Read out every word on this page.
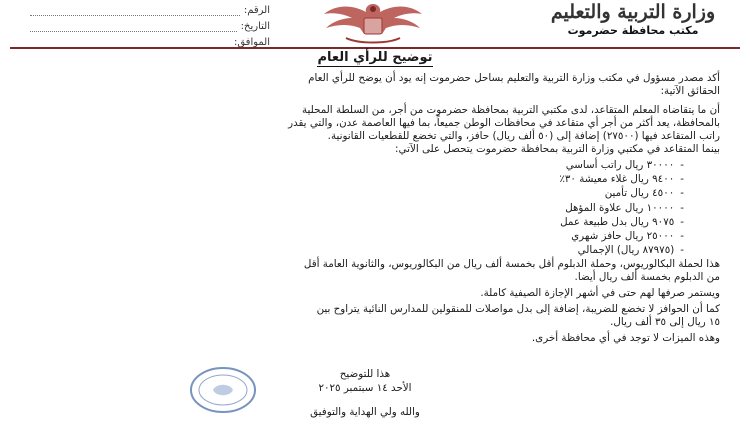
الرقم:
التاريخ:
الموافق:
وزارة التربية والتعليم
مكتب محافظة حضرموت
توضيح للرأي العام

أكد مصدر مسؤول في مكتب وزارة التربية والتعليم بساحل حضرموت إنه يود أن يوضح للرأي العام

الحقائق الآتية:

أن ما يتقاضاه المعلم المتقاعد، لدى مكتبي التربية بمحافظة حضرموت من أجر، من السلطة المحلية

بالمحافظة، يعد أكثر من أجر أي متقاعد في محافظات الوطن جميعاً، بما فيها العاصمة عدن، والتي يقدر

راتب المتقاعد فيها (٢٧٥٠٠) إضافة إلى (٥٠ ألف ريال) حافز، والتي تخضع للقطعيات القانونية.

بينما المتقاعد في مكتبي وزارة التربية بمحافظة حضرموت يتحصل على الآتي:

-
٣٠٠٠٠ ريال راتب أساسي
-
٩٤٠٠ ريال غلاء معيشة ٣٠٪
-
٤٥٠٠ ريال تأمين
-
١٠٠٠٠ ريال علاوة المؤهل
-
٩٠٧٥ ريال بدل طبيعة عمل
-
٢٥٠٠٠ ريال حافز شهري
-
(٨٧٩٧٥ ريال) الإجمالي

هذا لحملة البكالوريوس، وحملة الدبلوم أقل بخمسة ألف ريال من البكالوريوس، والثانوية العامة أقل

من الدبلوم بخمسة ألف ريال أيضا.

ويستمر صرفها لهم حتى في أشهر الإجازة الصيفية كاملة.

كما أن الحوافز لا تخضع للضريبة، إضافة إلى بدل مواصلات للمنقولين للمدارس النائية يتراوح بين

١٥ ريال إلى ٣٥ ألف ريال.

وهذه الميزات لا توجد في أي محافظة أخرى.

هذا للتوضيح
الأحد ١٤ سبتمبر ٢٠٢٥
والله ولي الهداية والتوفيق
